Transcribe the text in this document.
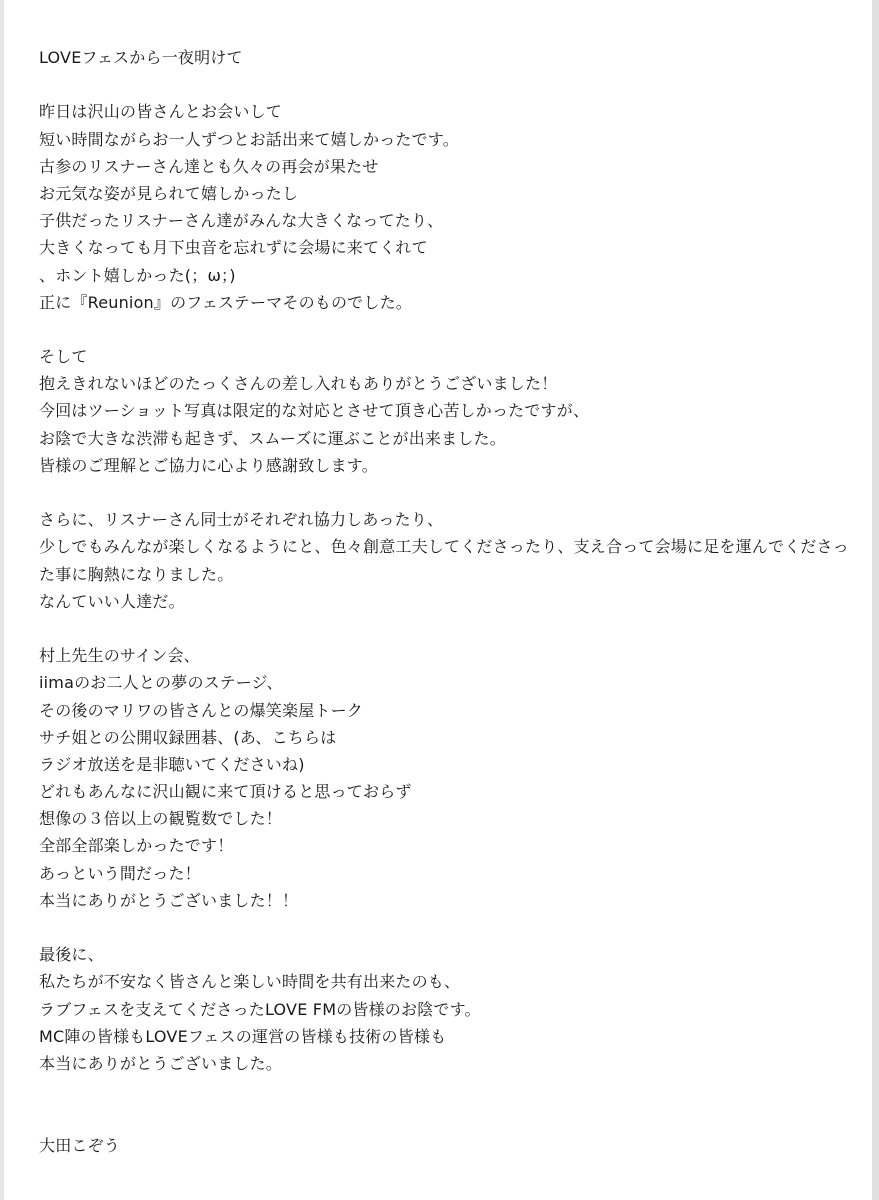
LOVEフェスから一夜明けて
昨日は沢山の皆さんとお会いして
短い時間ながらお一人ずつとお話出来て嬉しかったです。
古参のリスナーさん達とも久々の再会が果たせ
お元気な姿が見られて嬉しかったし
子供だったリスナーさん達がみんな大きくなってたり、
大きくなっても月下虫音を忘れずに会場に来てくれて
、ホント嬉しかった(；ω；)
正に『Reunion』のフェステーマそのものでした。
そして
抱えきれないほどのたっくさんの差し入れもありがとうございました！
今回はツーショット写真は限定的な対応とさせて頂き心苦しかったですが、
お陰で大きな渋滞も起きず、スムーズに運ぶことが出来ました。
皆様のご理解とご協力に心より感謝致します。
さらに、リスナーさん同士がそれぞれ協力しあったり、
少しでもみんなが楽しくなるようにと、色々創意工夫してくださったり、支え合って会場に足を運んでくださった事に胸熱になりました。
なんていい人達だ。
村上先生のサイン会、
iimaのお二人との夢のステージ、
その後のマリワの皆さんとの爆笑楽屋トーク
サチ姐との公開収録囲碁、(あ、こちらは
ラジオ放送を是非聴いてくださいね)
どれもあんなに沢山観に来て頂けると思っておらず
想像の３倍以上の観覧数でした！
全部全部楽しかったです！
あっという間だった！
本当にありがとうございました！！
最後に、
私たちが不安なく皆さんと楽しい時間を共有出来たのも、
ラブフェスを支えてくださったLOVE FMの皆様のお陰です。
MC陣の皆様もLOVEフェスの運営の皆様も技術の皆様も
本当にありがとうございました。
大田こぞう
